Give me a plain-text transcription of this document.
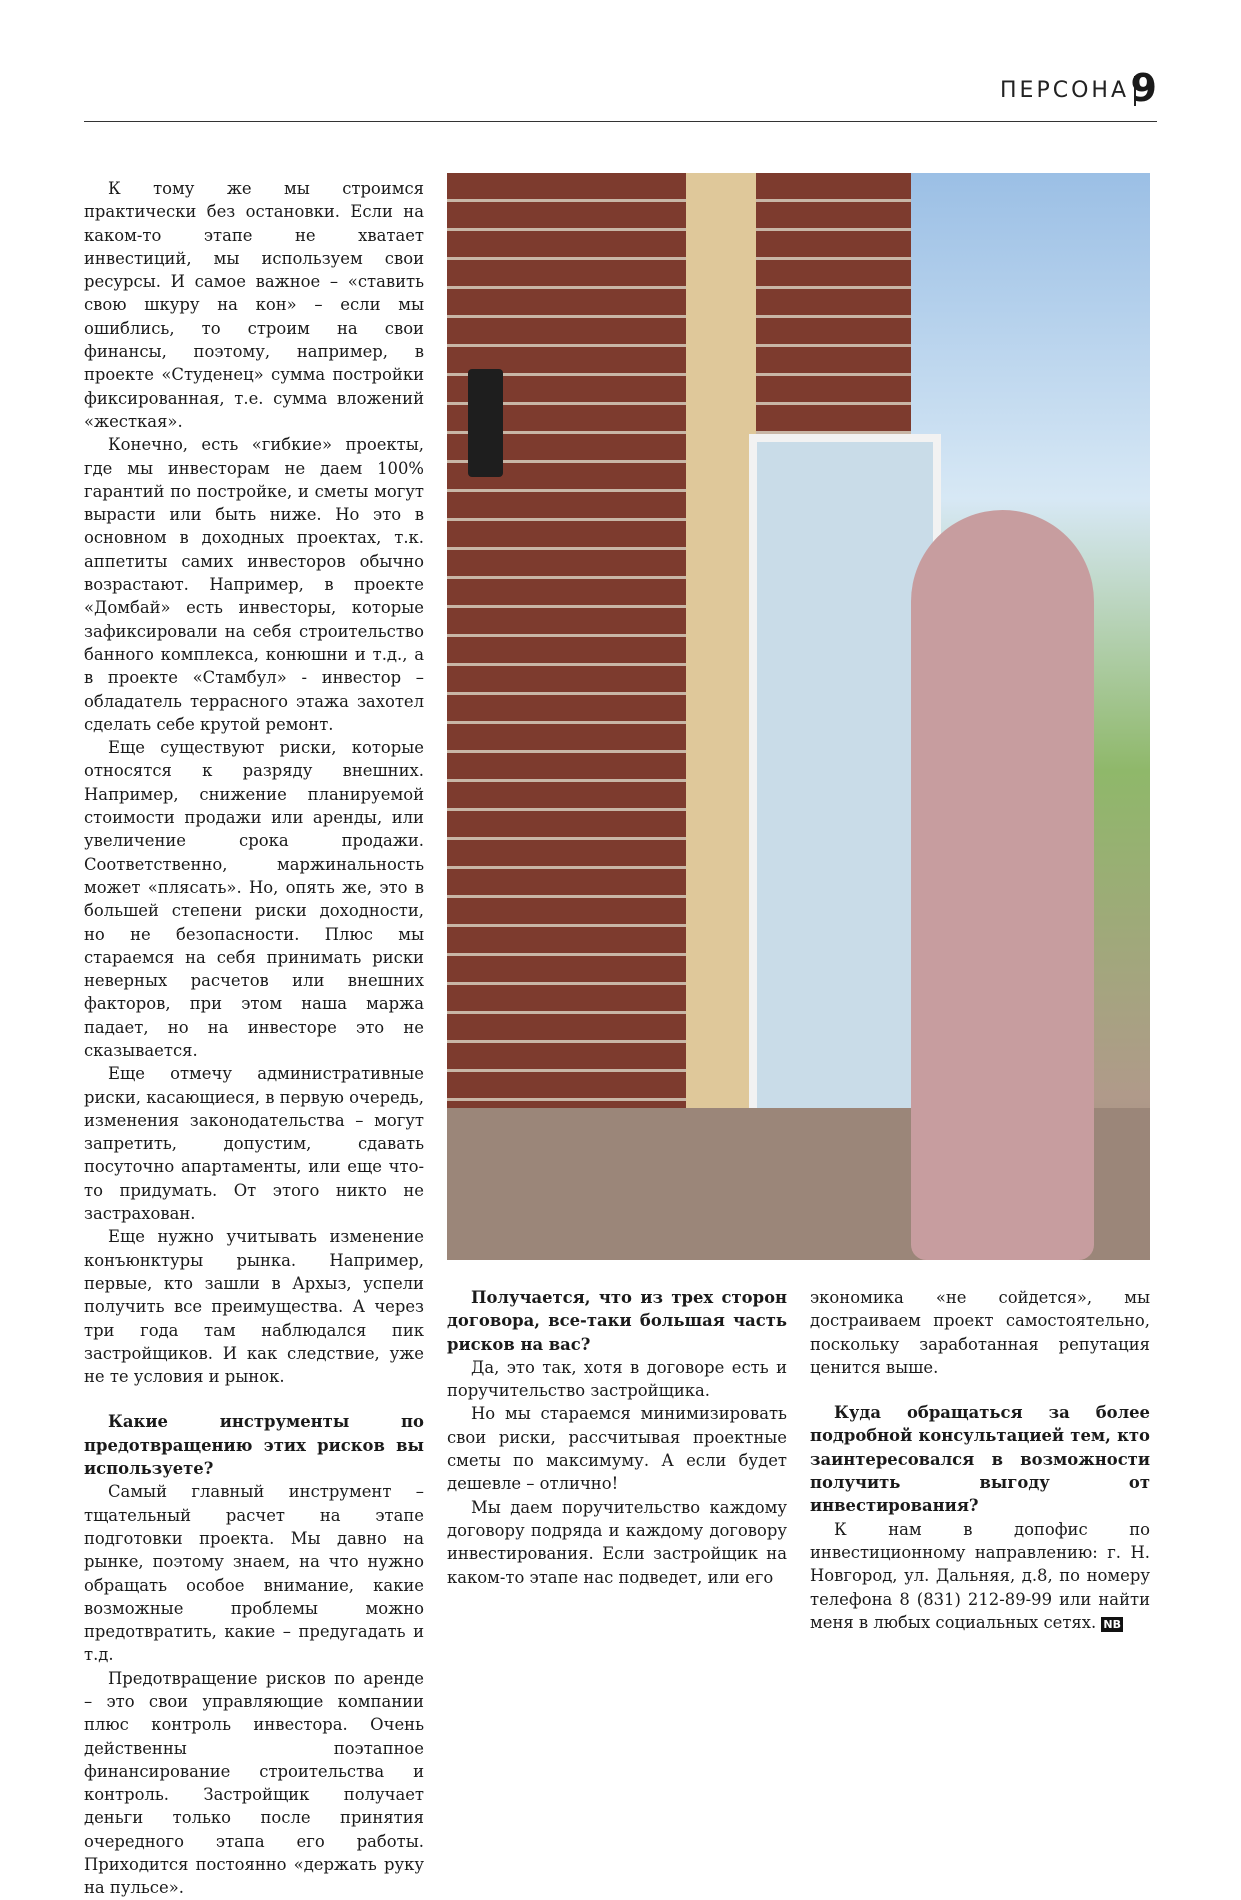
ПЕРСОНА 9

К тому же мы строимся практически без остановки. Если на каком-то этапе не хватает инвестиций, мы используем свои ресурсы. И самое важное – «ставить свою шкуру на кон» – если мы ошиблись, то строим на свои финансы, поэтому, например, в проекте «Студенец» сумма постройки фиксированная, т.е. сумма вложений «жесткая».

Конечно, есть «гибкие» проекты, где мы инвесторам не даем 100% гарантий по постройке, и сметы могут вырасти или быть ниже. Но это в основном в доходных проектах, т.к. аппетиты самих инвесторов обычно возрастают. Например, в проекте «Домбай» есть инвесторы, которые зафиксировали на себя строительство банного комплекса, конюшни и т.д., а в проекте «Стамбул» - инвестор – обладатель террасного этажа захотел сделать себе крутой ремонт.

Еще существуют риски, которые относятся к разряду внешних. Например, снижение планируемой стоимости продажи или аренды, или увеличение срока продажи. Соответственно, маржинальность может «плясать». Но, опять же, это в большей степени риски доходности, но не безопасности. Плюс мы стараемся на себя принимать риски неверных расчетов или внешних факторов, при этом наша маржа падает, но на инвесторе это не сказывается.

Еще отмечу административные риски, касающиеся, в первую очередь, изменения законодательства – могут запретить, допустим, сдавать посуточно апартаменты, или еще что-то придумать. От этого никто не застрахован.

Еще нужно учитывать изменение конъюнктуры рынка. Например, первые, кто зашли в Архыз, успели получить все преимущества. А через три года там наблюдался пик застройщиков. И как следствие, уже не те условия и рынок.

Какие инструменты по предотвращению этих рисков вы используете?

Самый главный инструмент – тщательный расчет на этапе подготовки проекта. Мы давно на рынке, поэтому знаем, на что нужно обращать особое внимание, какие возможные проблемы можно предотвратить, какие – предугадать и т.д.

Предотвращение рисков по аренде – это свои управляющие компании плюс контроль инвестора. Очень действенны поэтапное финансирование строительства и контроль. Застройщик получает деньги только после принятия очередного этапа его работы. Приходится постоянно «держать руку на пульсе».

Получается, что из трех сторон договора, все-таки большая часть рисков на вас?

Да, это так, хотя в договоре есть и поручительство застройщика.

Но мы стараемся минимизировать свои риски, рассчитывая проектные сметы по максимуму. А если будет дешевле – отлично!

Мы даем поручительство каждому договору подряда и каждому договору инвестирования. Если застройщик на каком-то этапе нас подведет, или его

экономика «не сойдется», мы достраиваем проект самостоятельно, поскольку заработанная репутация ценится выше.

Куда обращаться за более подробной консультацией тем, кто заинтересовался в возможности получить выгоду от инвестирования?

К нам в допофис по инвестиционному направлению: г. Н. Новгород, ул. Дальняя, д.8, по номеру телефона 8 (831) 212-89-99 или найти меня в любых социальных сетях. NB
